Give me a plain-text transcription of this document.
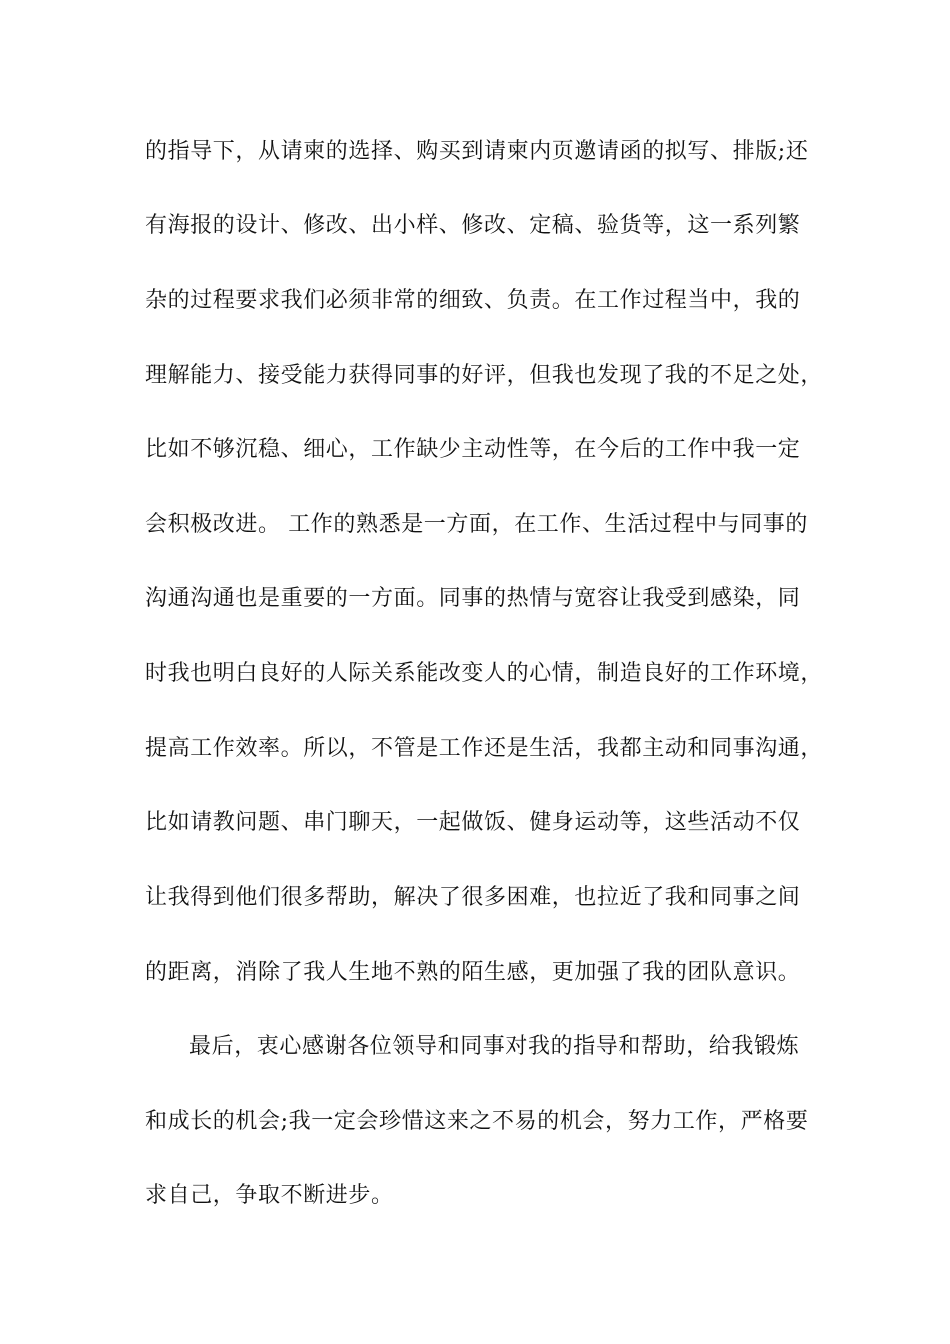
的指导下，从请柬的选择、购买到请柬内页邀请函的拟写、排版;还
有海报的设计、修改、出小样、修改、定稿、验货等，这一系列繁
杂的过程要求我们必须非常的细致、负责。在工作过程当中，我的
理解能力、接受能力获得同事的好评，但我也发现了我的不足之处，
比如不够沉稳、细心，工作缺少主动性等，在今后的工作中我一定
会积极改进。 工作的熟悉是一方面，在工作、生活过程中与同事的
沟通沟通也是重要的一方面。同事的热情与宽容让我受到感染，同
时我也明白良好的人际关系能改变人的心情，制造良好的工作环境，
提高工作效率。所以，不管是工作还是生活，我都主动和同事沟通，
比如请教问题、串门聊天，一起做饭、健身运动等，这些活动不仅
让我得到他们很多帮助，解决了很多困难，也拉近了我和同事之间
的距离，消除了我人生地不熟的陌生感，更加强了我的团队意识。
最后，衷心感谢各位领导和同事对我的指导和帮助，给我锻炼
和成长的机会;我一定会珍惜这来之不易的机会，努力工作，严格要
求自己，争取不断进步。
